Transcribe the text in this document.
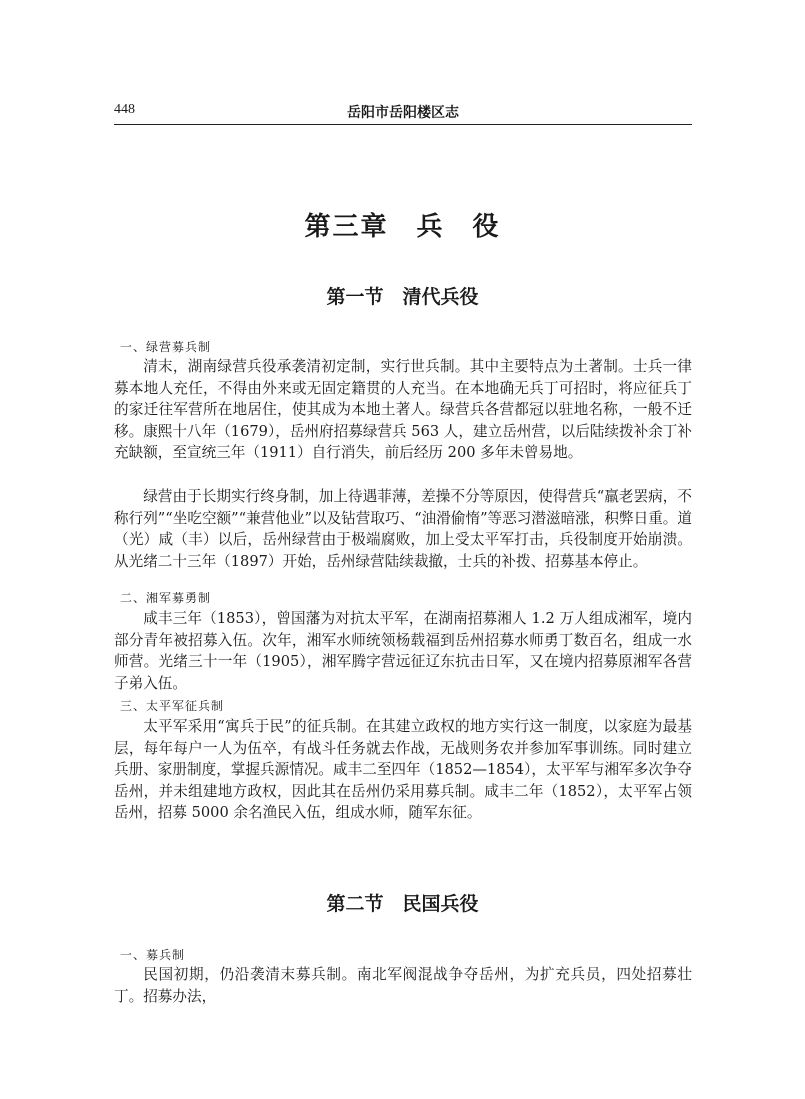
448	岳阳市岳阳楼区志
第三章　兵　役
第一节　清代兵役
一、绿营募兵制

清末，湖南绿营兵役承袭清初定制，实行世兵制。其中主要特点为土著制。士兵一律募本地人充任，不得由外来或无固定籍贯的人充当。在本地确无兵丁可招时，将应征兵丁的家迁往军营所在地居住，使其成为本地土著人。绿营兵各营都冠以驻地名称，一般不迁移。康熙十八年（1679），岳州府招募绿营兵 563 人，建立岳州营，以后陆续拨补余丁补充缺额，至宣统三年（1911）自行消失，前后经历 200 多年未曾易地。

绿营由于长期实行终身制，加上待遇菲薄，差操不分等原因，使得营兵“羸老罢病，不称行列”“坐吃空额”“兼营他业”以及钻营取巧、“油滑偷惰”等恶习潜滋暗涨，积弊日重。道（光）咸（丰）以后，岳州绿营由于极端腐败，加上受太平军打击，兵役制度开始崩溃。从光绪二十三年（1897）开始，岳州绿营陆续裁撤，士兵的补拨、招募基本停止。

二、湘军募勇制

咸丰三年（1853），曾国藩为对抗太平军，在湖南招募湘人 1.2 万人组成湘军，境内部分青年被招募入伍。次年，湘军水师统领杨载福到岳州招募水师勇丁数百名，组成一水师营。光绪三十一年（1905），湘军腾字营远征辽东抗击日军，又在境内招募原湘军各营子弟入伍。

三、太平军征兵制

太平军采用“寓兵于民”的征兵制。在其建立政权的地方实行这一制度，以家庭为最基层，每年每户一人为伍卒，有战斗任务就去作战，无战则务农并参加军事训练。同时建立兵册、家册制度，掌握兵源情况。咸丰二至四年（1852—1854），太平军与湘军多次争夺岳州，并未组建地方政权，因此其在岳州仍采用募兵制。咸丰二年（1852），太平军占领岳州，招募 5000 余名渔民入伍，组成水师，随军东征。

第二节　民国兵役
一、募兵制

民国初期，仍沿袭清末募兵制。南北军阀混战争夺岳州，为扩充兵员，四处招募壮丁。招募办法，
